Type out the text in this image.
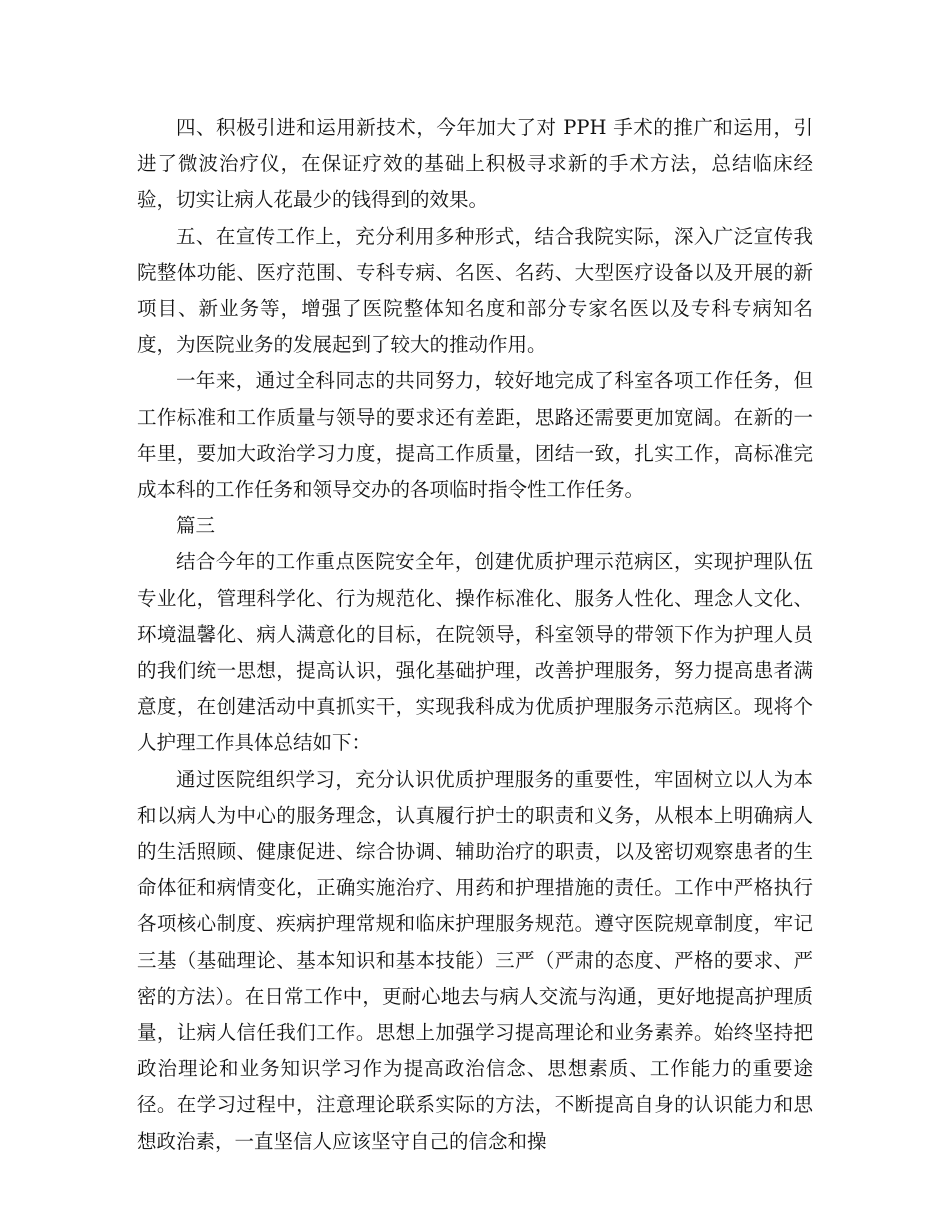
四、积极引进和运用新技术，今年加大了对 PPH 手术的推广和运用，引进了微波治疗仪，在保证疗效的基础上积极寻求新的手术方法，总结临床经验，切实让病人花最少的钱得到的效果。

五、在宣传工作上，充分利用多种形式，结合我院实际，深入广泛宣传我院整体功能、医疗范围、专科专病、名医、名药、大型医疗设备以及开展的新项目、新业务等，增强了医院整体知名度和部分专家名医以及专科专病知名度，为医院业务的发展起到了较大的推动作用。

一年来，通过全科同志的共同努力，较好地完成了科室各项工作任务，但工作标准和工作质量与领导的要求还有差距，思路还需要更加宽阔。在新的一年里，要加大政治学习力度，提高工作质量，团结一致，扎实工作，高标准完成本科的工作任务和领导交办的各项临时指令性工作任务。

篇三

结合今年的工作重点医院安全年，创建优质护理示范病区，实现护理队伍专业化，管理科学化、行为规范化、操作标准化、服务人性化、理念人文化、环境温馨化、病人满意化的目标，在院领导，科室领导的带领下作为护理人员的我们统一思想，提高认识，强化基础护理，改善护理服务，努力提高患者满意度，在创建活动中真抓实干，实现我科成为优质护理服务示范病区。现将个人护理工作具体总结如下：

通过医院组织学习，充分认识优质护理服务的重要性，牢固树立以人为本和以病人为中心的服务理念，认真履行护士的职责和义务，从根本上明确病人的生活照顾、健康促进、综合协调、辅助治疗的职责，以及密切观察患者的生命体征和病情变化，正确实施治疗、用药和护理措施的责任。工作中严格执行各项核心制度、疾病护理常规和临床护理服务规范。遵守医院规章制度，牢记三基（基础理论、基本知识和基本技能）三严（严肃的态度、严格的要求、严密的方法）。在日常工作中，更耐心地去与病人交流与沟通，更好地提高护理质量，让病人信任我们工作。思想上加强学习提高理论和业务素养。始终坚持把政治理论和业务知识学习作为提高政治信念、思想素质、工作能力的重要途径。在学习过程中，注意理论联系实际的方法，不断提高自身的认识能力和思想政治素，一直坚信人应该坚守自己的信念和操
